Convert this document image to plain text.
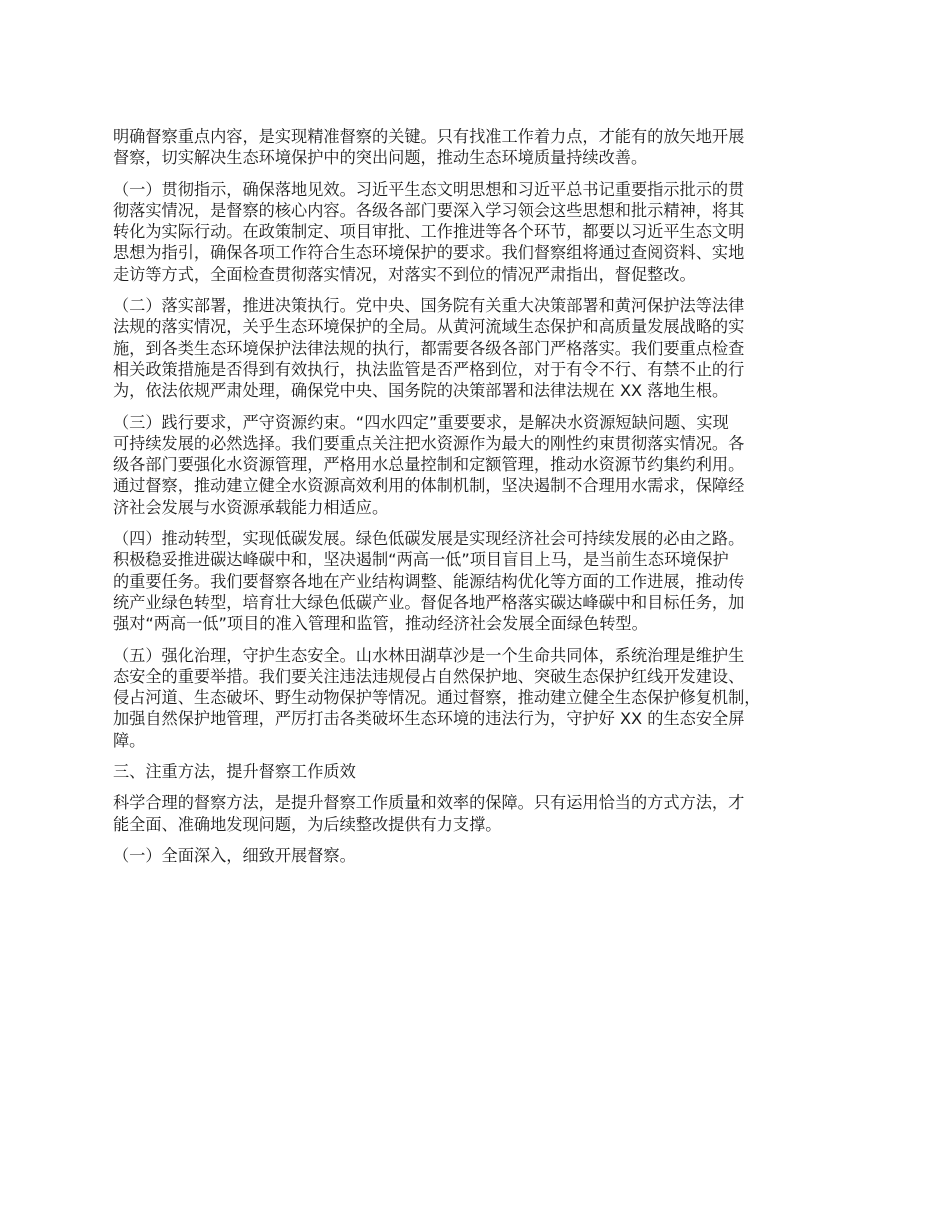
明确督察重点内容，是实现精准督察的关键。只有找准工作着力点，才能有的放矢地开展
督察，切实解决生态环境保护中的突出问题，推动生态环境质量持续改善。

（一）贯彻指示，确保落地见效。习近平生态文明思想和习近平总书记重要指示批示的贯
彻落实情况，是督察的核心内容。各级各部门要深入学习领会这些思想和批示精神，将其
转化为实际行动。在政策制定、项目审批、工作推进等各个环节，都要以习近平生态文明
思想为指引，确保各项工作符合生态环境保护的要求。我们督察组将通过查阅资料、实地
走访等方式，全面检查贯彻落实情况，对落实不到位的情况严肃指出，督促整改。

（二）落实部署，推进决策执行。党中央、国务院有关重大决策部署和黄河保护法等法律
法规的落实情况，关乎生态环境保护的全局。从黄河流域生态保护和高质量发展战略的实
施，到各类生态环境保护法律法规的执行，都需要各级各部门严格落实。我们要重点检查
相关政策措施是否得到有效执行，执法监管是否严格到位，对于有令不行、有禁不止的行
为，依法依规严肃处理，确保党中央、国务院的决策部署和法律法规在 XX 落地生根。

（三）践行要求，严守资源约束。“四水四定”重要要求，是解决水资源短缺问题、实现
可持续发展的必然选择。我们要重点关注把水资源作为最大的刚性约束贯彻落实情况。各
级各部门要强化水资源管理，严格用水总量控制和定额管理，推动水资源节约集约利用。
通过督察，推动建立健全水资源高效利用的体制机制，坚决遏制不合理用水需求，保障经
济社会发展与水资源承载能力相适应。

（四）推动转型，实现低碳发展。绿色低碳发展是实现经济社会可持续发展的必由之路。
积极稳妥推进碳达峰碳中和，坚决遏制“两高一低”项目盲目上马，是当前生态环境保护
的重要任务。我们要督察各地在产业结构调整、能源结构优化等方面的工作进展，推动传
统产业绿色转型，培育壮大绿色低碳产业。督促各地严格落实碳达峰碳中和目标任务，加
强对“两高一低”项目的准入管理和监管，推动经济社会发展全面绿色转型。

（五）强化治理，守护生态安全。山水林田湖草沙是一个生命共同体，系统治理是维护生
态安全的重要举措。我们要关注违法违规侵占自然保护地、突破生态保护红线开发建设、
侵占河道、生态破坏、野生动物保护等情况。通过督察，推动建立健全生态保护修复机制，
加强自然保护地管理，严厉打击各类破坏生态环境的违法行为，守护好 XX 的生态安全屏
障。

三、注重方法，提升督察工作质效

科学合理的督察方法，是提升督察工作质量和效率的保障。只有运用恰当的方式方法，才
能全面、准确地发现问题，为后续整改提供有力支撑。

（一）全面深入，细致开展督察。
